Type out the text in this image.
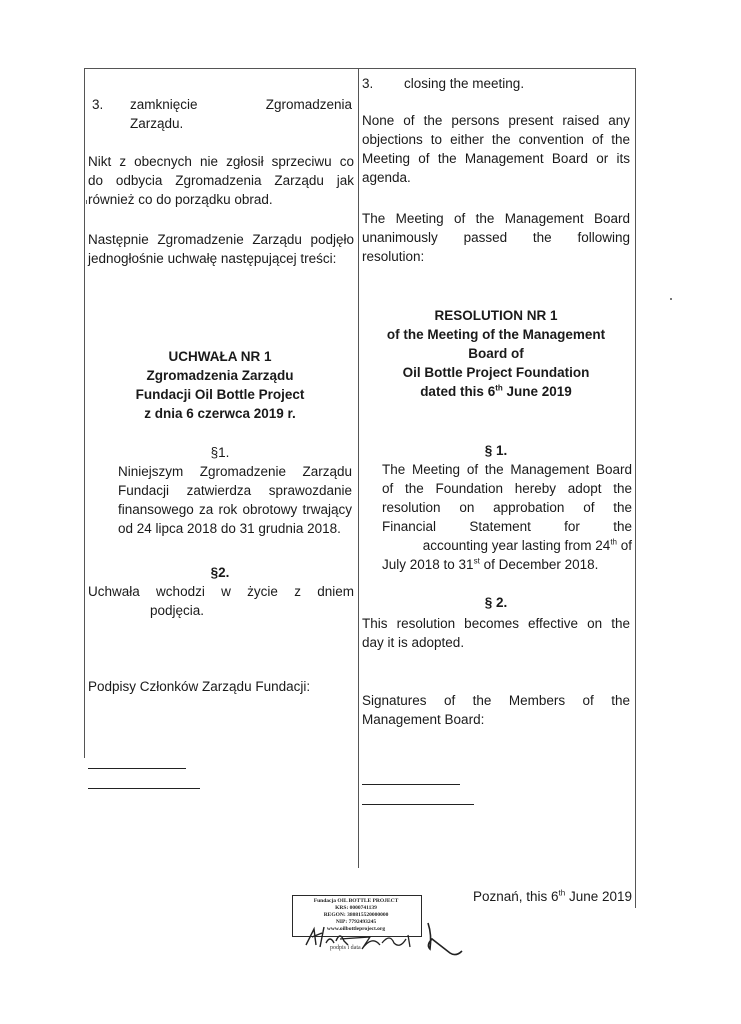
3. zamknięcie Zgromadzenia
Zarządu.
Nikt z obecnych nie zgłosił sprzeciwu co
do odbycia Zgromadzenia Zarządu jak
również co do porządku obrad.
Następnie Zgromadzenie Zarządu podjęło
jednogłośnie uchwałę następującej treści:
UCHWAŁA NR 1
Zgromadzenia Zarządu
Fundacji Oil Bottle Project
z dnia 6 czerwca 2019 r.
§1.
Niniejszym Zgromadzenie Zarządu
Fundacji zatwierdza sprawozdanie
finansowego za rok obrotowy trwający
od 24 lipca 2018 do 31 grudnia 2018.
§2.
Uchwała wchodzi w życie z dniem
podjęcia.
Podpisy Członków Zarządu Fundacji:
3. closing the meeting.
None of the persons present raised any
objections to either the convention of the
Meeting of the Management Board or its
agenda.
The Meeting of the Management Board
unanimously passed the following
resolution:
RESOLUTION NR 1
of the Meeting of the Management
Board of
Oil Bottle Project Foundation
dated this 6th June 2019
§ 1.
The Meeting of the Management Board
of the Foundation hereby adopt the
resolution on approbation of the
Financial Statement for the
accounting year lasting from 24th of
July 2018 to 31st of December 2018.
§ 2.
This resolution becomes effective on the
day it is adopted.
Signatures of the Members of the
Management Board:
Poznań, this 6th June 2019
Fundacja OIL BOTTLE PROJECT
KRS: 0000741139
REGON: 380815520000000
NIP: 7792493245
www.oilbottleproject.org
podpis i data
